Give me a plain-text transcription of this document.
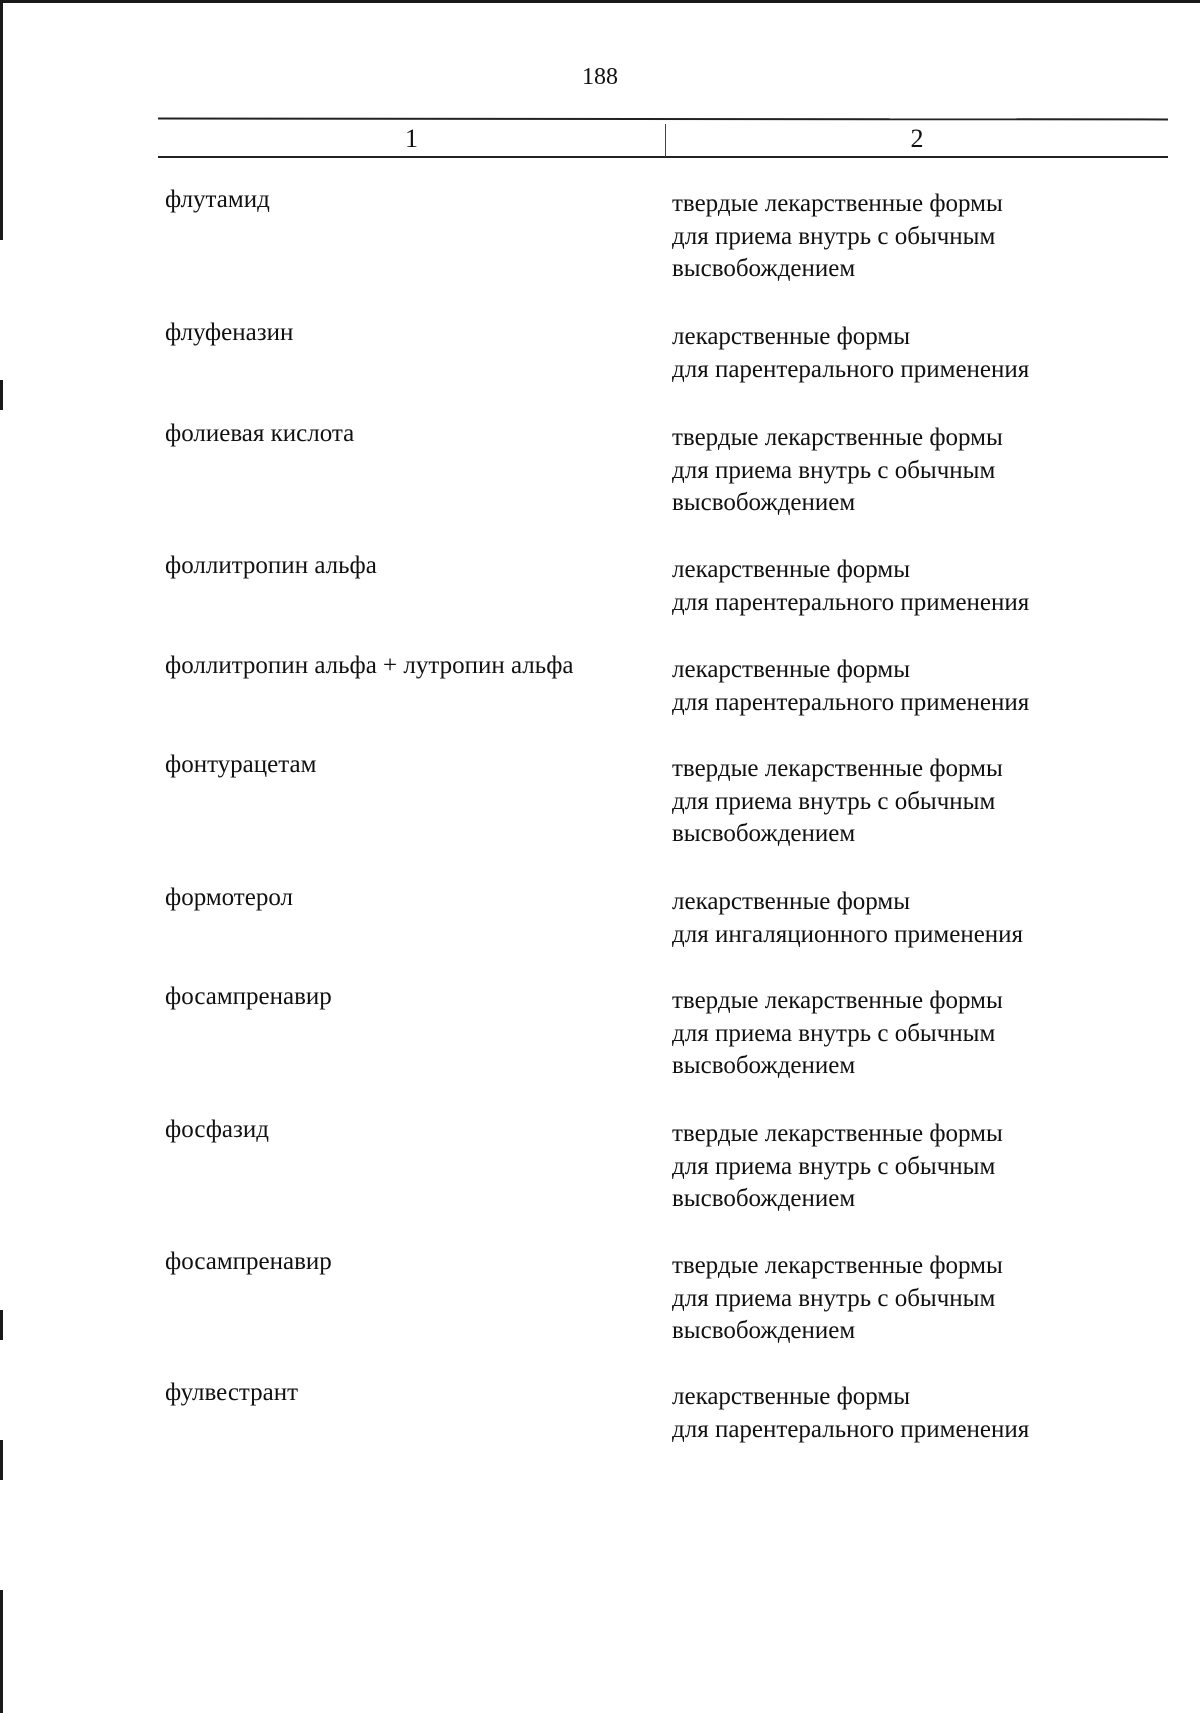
188
1	2
флутамид	твердые лекарственные формы
для приема внутрь с обычным
высвобождением
флуфеназин	лекарственные формы
для парентерального применения
фолиевая кислота	твердые лекарственные формы
для приема внутрь с обычным
высвобождением
фоллитропин альфа	лекарственные формы
для парентерального применения
фоллитропин альфа + лутропин альфа	лекарственные формы
для парентерального применения
фонтурацетам	твердые лекарственные формы
для приема внутрь с обычным
высвобождением
формотерол	лекарственные формы
для ингаляционного применения
фосампренавир	твердые лекарственные формы
для приема внутрь с обычным
высвобождением
фосфазид	твердые лекарственные формы
для приема внутрь с обычным
высвобождением
фосампренавир	твердые лекарственные формы
для приема внутрь с обычным
высвобождением
фулвестрант	лекарственные формы
для парентерального применения
